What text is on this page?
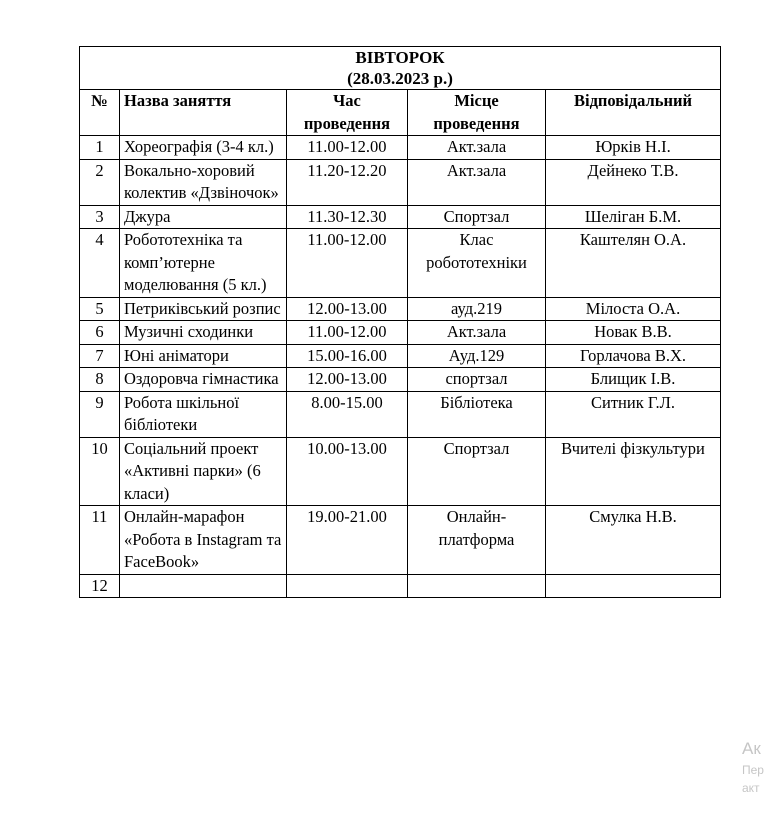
ВІВТОРОК
(28.03.2023 р.)				

№	Назва заняття	Час проведення	Місце проведення	Відповідальний
1	Хореографія (3-4 кл.)	11.00-12.00	Акт.зала	Юрків Н.І.
2	Вокально-хоровий колектив «Дзвіночок»	11.20-12.20	Акт.зала	Дейнеко Т.В.
3	Джура	11.30-12.30	Спортзал	Шеліган Б.М.
4	Робототехніка та комп’ютерне моделювання (5 кл.)	11.00-12.00	Клас робототехніки	Каштелян О.А.
5	Петриківський розпис	12.00-13.00	ауд.219	Мілоста О.А.
6	Музичні сходинки	11.00-12.00	Акт.зала	Новак В.В.
7	Юні аніматори	15.00-16.00	Ауд.129	Горлачова В.Х.
8	Оздоровча гімнастика	12.00-13.00	спортзал	Блищик І.В.
9	Робота шкільної бібліотеки	8.00-15.00	Бібліотека	Ситник Г.Л.
10	Соціальний проект «Активні парки» (6 класи)	10.00-13.00	Спортзал	Вчителі фізкультури
11	Онлайн-марафон «Робота в Instagram та FaceBook»	19.00-21.00	Онлайн-платформа	Смулка Н.В.
12				
Ак
Пер
акт
